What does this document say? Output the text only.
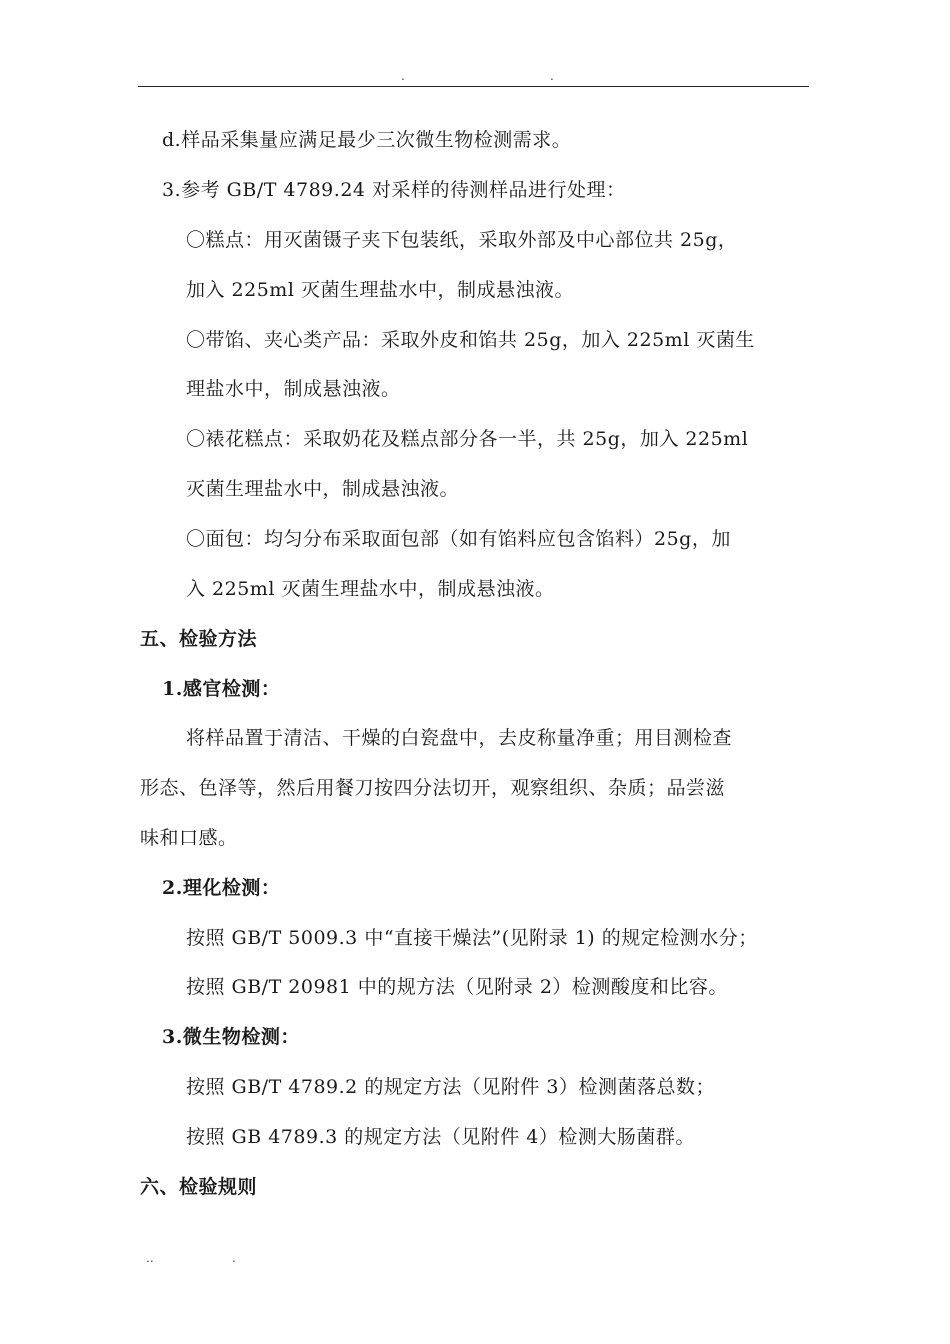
.	.
d.样品采集量应满足最少三次微生物检测需求。
3.参考 GB/T 4789.24 对采样的待测样品进行处理：
〇糕点：用灭菌镊子夹下包装纸，采取外部及中心部位共 25g，
加入 225ml 灭菌生理盐水中，制成悬浊液。
〇带馅、夹心类产品：采取外皮和馅共 25g，加入 225ml 灭菌生
理盐水中，制成悬浊液。
〇裱花糕点：采取奶花及糕点部分各一半，共 25g，加入 225ml
灭菌生理盐水中，制成悬浊液。
〇面包：均匀分布采取面包部（如有馅料应包含馅料）25g，加
入 225ml 灭菌生理盐水中，制成悬浊液。
五、检验方法
1.感官检测：
将样品置于清洁、干燥的白瓷盘中，去皮称量净重；用目测检查
形态、色泽等，然后用餐刀按四分法切开，观察组织、杂质；品尝滋
味和口感。
2.理化检测：
按照 GB/T 5009.3 中“直接干燥法”(见附录 1) 的规定检测水分；
按照 GB/T 20981 中的规方法（见附录 2）检测酸度和比容。
3.微生物检测：
按照 GB/T 4789.2 的规定方法（见附件 3）检测菌落总数；
按照 GB 4789.3 的规定方法（见附件 4）检测大肠菌群。
六、检验规则
..	.
